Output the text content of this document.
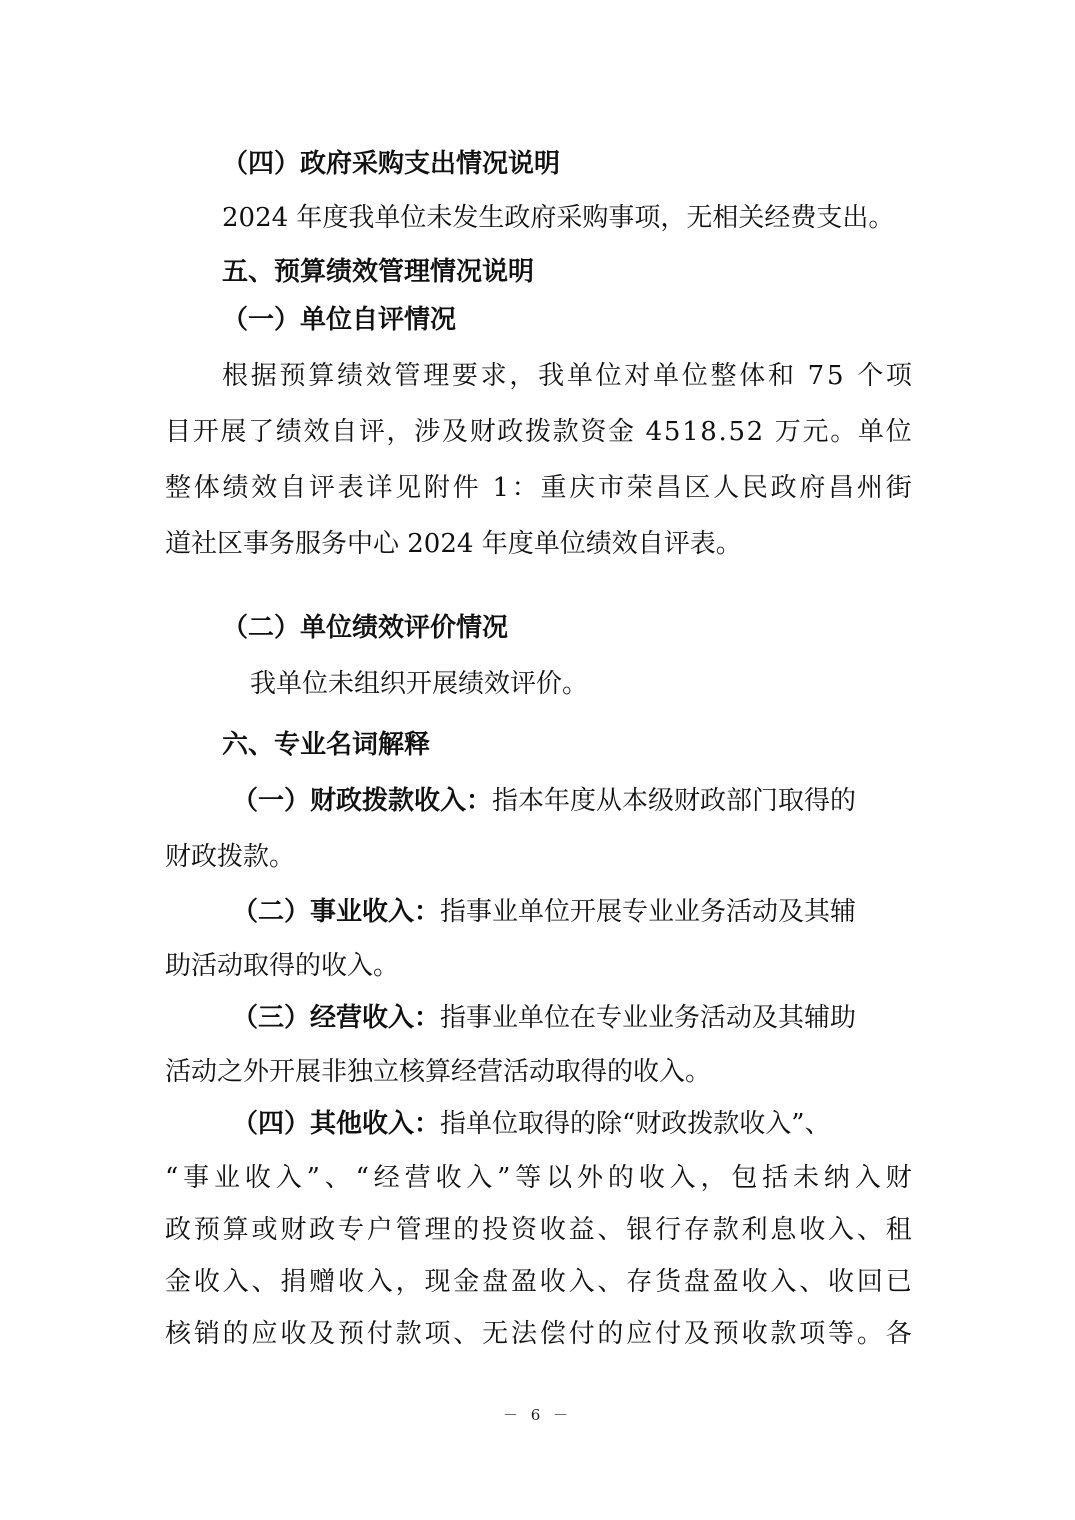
（四）政府采购支出情况说明
2024 年度我单位未发生政府采购事项，无相关经费支出。
五、预算绩效管理情况说明
（一）单位自评情况
根 据 预 算 绩 效 管 理 要 求 ， 我 单 位 对 单 位 整 体 和
7 5
个 项
目 开 展 了 绩 效 自 评 ， 涉 及 财 政 拨 款 资 金
4 5 1 8 . 5 2
万 元 。 单 位
整 体 绩 效 自 评 表 详 见 附 件
1 ： 重 庆 市 荣 昌 区 人 民 政 府 昌 州 街
道社区事务服务中心 2024 年度单位绩效自评表。
（二）单位绩效评价情况
我单位未组织开展绩效评价。
六、专业名词解释
（一）财政拨款收入：指本年度从本级财政部门取得的
财政拨款。
（二）事业收入：指事业单位开展专业业务活动及其辅
助活动取得的收入。
（三）经营收入：指事业单位在专业业务活动及其辅助
活动之外开展非独立核算经营活动取得的收入。
（四）其他收入：指单位取得的除“财政拨款收入”、
“ 事 业 收 入 ” 、 “ 经 营 收 入 ” 等 以 外 的 收 入 ， 包 括 未 纳 入 财
政 预 算 或 财 政 专 户 管 理 的 投 资 收 益 、 银 行 存 款 利 息 收 入 、 租
金 收 入 、 捐 赠 收 入 ， 现 金 盘 盈 收 入 、 存 货 盘 盈 收 入 、 收 回 已
核 销 的 应 收 及 预 付 款 项 、 无 法 偿 付 的 应 付 及 预 收 款 项 等 。 各
－ 6 －
